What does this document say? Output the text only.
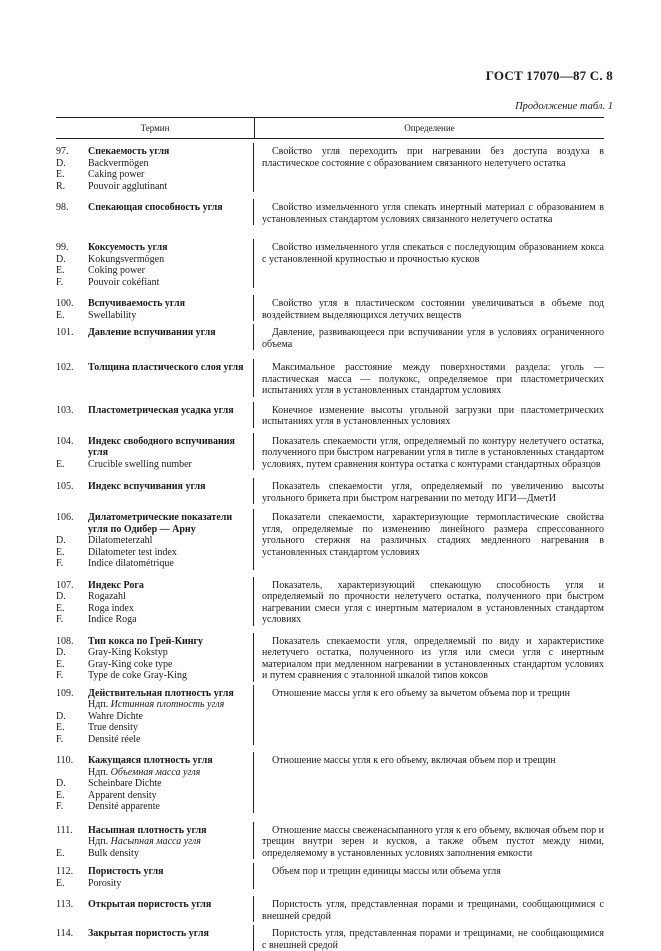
ГОСТ 17070—87 С. 8
Продолжение табл. 1
Термин	Определение
97.	Спекаемость угля
D.	Backvermögen
E.	Caking power
R.	Pouvoir agglutinant
Свойство угля переходить при нагревании без доступа воздуха в пластическое состояние с образованием связанного нелетучего остатка
98.	Спекающая способность угля	Свойство измельченного угля спекать инертный материал с образованием в установленных стандартом условиях связанного нелетучего остатка
99.	Коксуемость угля
D.	Kokungsvermögen
E.	Coking power
F.	Pouvoir cokéfiant
Свойство измельченного угля спекаться с последующим образованием кокса с установленной крупностью и прочностью кусков
100.	Вспучиваемость угля
E.	Swellability
Свойство угля в пластическом состоянии увеличиваться в объеме под воздействием выделяющихся летучих веществ
101.	Давление вспучивания угля	Давление, развивающееся при вспучивании угля в условиях ограниченного объема
102.	Толщина пластического слоя угля	Максимальное расстояние между поверхностями раздела: уголь — пластическая масса — полукокс, определяемое при пластометрических испытаниях угля в установленных стандартом условиях
103.	Пластометрическая усадка угля	Конечное изменение высоты угольной загрузки при пластометрических испытаниях угля в установленных условиях
104.	Индекс свободного вспучивания угля
E.	Crucible swelling number
Показатель спекаемости угля, определяемый по контуру нелетучего остатка, полученного при быстром нагревании угля в тигле в установленных стандартом условиях, путем сравнения контура остатка с контурами стандартных образцов
105.	Индекс вспучивания угля	Показатель спекаемости угля, определяемый по увеличению высоты угольного брикета при быстром нагревании по методу ИГИ—ДметИ
106.	Дилатометрические показатели угля по Одибер — Арну
D.	Dilatometerzahl
E.	Dilatometer test index
F.	Indice dilatométrique
Показатели спекаемости, характеризующие термопластические свойства угля, определяемые по изменению линейного размера спрессованного угольного стержня на различных стадиях медленного нагревания в установленных стандартом условиях
107.	Индекс Рога
D.	Rogazahl
E.	Roga index
F.	Indice Roga
Показатель, характеризующий спекающую способность угля и определяемый по прочности нелетучего остатка, полученного при быстром нагревании смеси угля с инертным материалом в установленных стандартом условиях
108.	Тип кокса по Грей-Кингу
D.	Gray-King Kokstyp
E.	Gray-King coke type
F.	Type de coke Gray-King
Показатель спекаемости угля, определяемый по виду и характеристике нелетучего остатка, полученного из угля или смеси угля с инертным материалом при медленном нагревании в установленных стандартом условиях и путем сравнения с эталонной шкалой типов коксов
109.	Действительная плотность угля
Ндп. Истинная плотность угля
D.	Wahre Dichte
E.	True density
F.	Densité réele
Отношение массы угля к его объему за вычетом объема пор и трещин
110.	Кажущаяся плотность угля
Ндп. Объемная масса угля
D.	Scheinbare Dichte
E.	Apparent density
F.	Densité apparente
Отношение массы угля к его объему, включая объем пор и трещин
111.	Насыпная плотность угля
Ндп. Насыпная масса угля
E.	Bulk density
Отношение массы свеженасыпанного угля к его объему, включая объем пор и трещин внутри зерен и кусков, а также объем пустот между ними, определяемому в установленных условиях заполнения емкости
112.	Пористость угля
E.	Porosity
Объем пор и трещин единицы массы или объема угля
113.	Открытая пористость угля	Пористость угля, представленная порами и трещинами, сообщающимися с внешней средой
114.	Закрытая пористость угля	Пористость угля, представленная порами и трещинами, не сообщающимися с внешней средой
